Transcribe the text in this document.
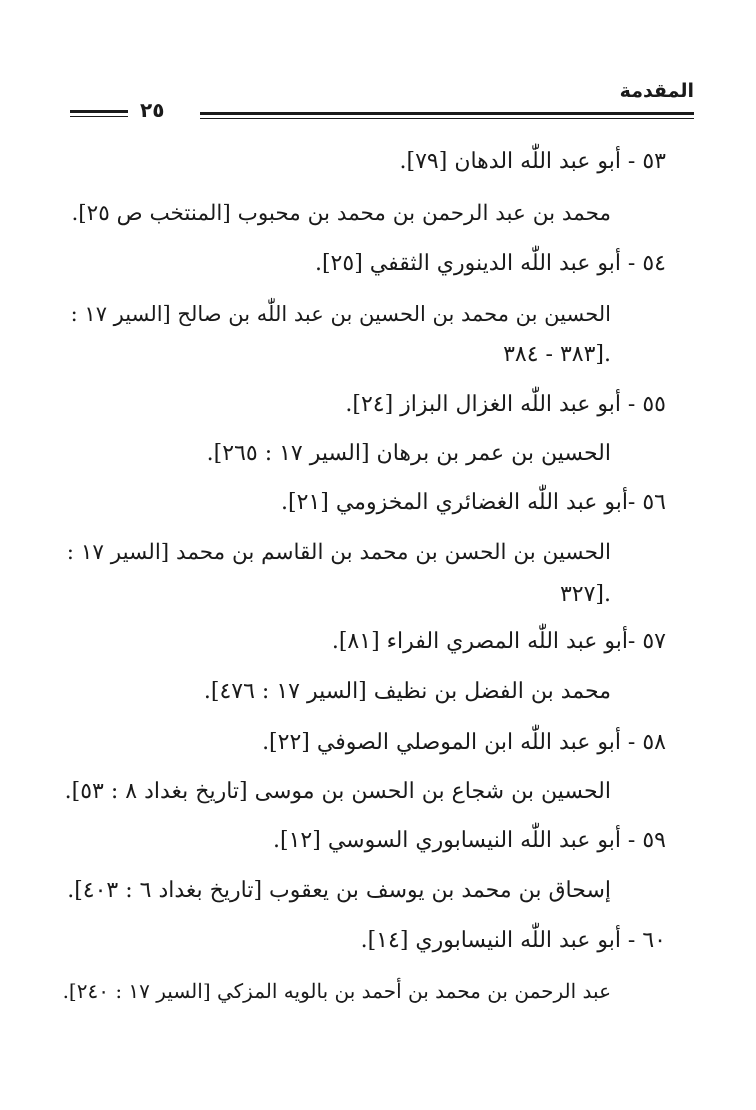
المقدمة
٢٥
٥٣ - أبو عبد اللّٰه الدهان [٧٩].
محمد بن عبد الرحمن بن محمد بن محبوب [المنتخب ص ٢٥].
٥٤ - أبو عبد اللّٰه الدينوري الثقفي [٢٥].
الحسين بن محمد بن الحسين بن عبد اللّٰه بن صالح [السير ١٧ :
٣٨٣ - ٣٨٤].
٥٥ - أبو عبد اللّٰه الغزال البزاز [٢٤].
الحسين بن عمر بن برهان [السير ١٧ : ٢٦٥].
٥٦ -أبو عبد اللّٰه الغضائري المخزومي [٢١].
الحسين بن الحسن بن محمد بن القاسم بن محمد [السير ١٧ :
٣٢٧].
٥٧ -أبو عبد اللّٰه المصري الفراء [٨١].
محمد بن الفضل بن نظيف [السير ١٧ : ٤٧٦].
٥٨ - أبو عبد اللّٰه ابن الموصلي الصوفي [٢٢].
الحسين بن شجاع بن الحسن بن موسى [تاريخ بغداد ٨ : ٥٣].
٥٩ - أبو عبد اللّٰه النيسابوري السوسي [١٢].
إسحاق بن محمد بن يوسف بن يعقوب [تاريخ بغداد ٦ : ٤٠٣].
٦٠ - أبو عبد اللّٰه النيسابوري [١٤].
عبد الرحمن بن محمد بن أحمد بن بالويه المزكي [السير ١٧ : ٢٤٠].
